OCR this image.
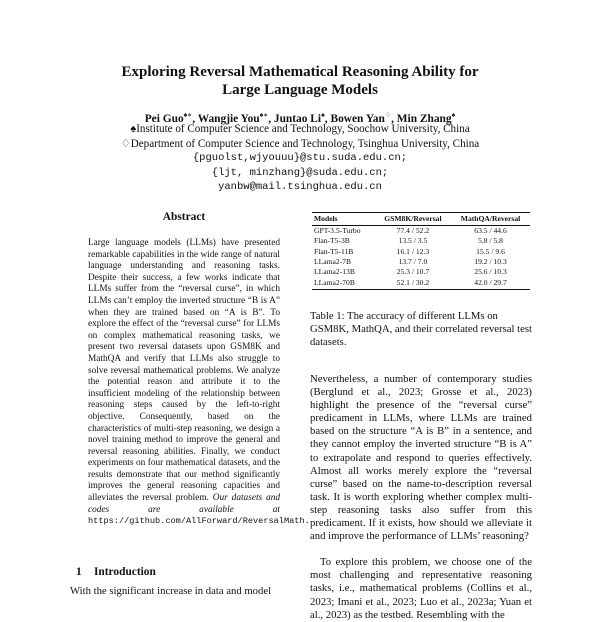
Exploring Reversal Mathematical Reasoning Ability for
Large Language Models
Pei Guo♠∗, Wangjie You♠∗, Juntao Li♠, Bowen Yan♢, Min Zhang♠
♠Institute of Computer Science and Technology, Soochow University, China
♢Department of Computer Science and Technology, Tsinghua University, China
{pguolst,wjyouuu}@stu.suda.edu.cn;
{ljt, minzhang}@suda.edu.cn;
yanbw@mail.tsinghua.edu.cn
Abstract
Large language models (LLMs) have presented remarkable capabilities in the wide range of natural language understanding and reasoning tasks. Despite their success, a few works indicate that LLMs suffer from the “reversal curse”, in which LLMs can’t employ the inverted structure “B is A” when they are trained based on “A is B”. To explore the effect of the “reversal curse” for LLMs on complex mathematical reasoning tasks, we present two reversal datasets upon GSM8K and MathQA and verify that LLMs also struggle to solve reversal mathematical problems. We analyze the potential reason and attribute it to the insufficient modeling of the relationship between reasoning steps caused by the left-to-right objective. Consequently, based on the characteristics of multi-step reasoning, we design a novel training method to improve the general and reversal reasoning abilities. Finally, we conduct experiments on four mathematical datasets, and the results demonstrate that our method significantly improves the general reasoning capacities and alleviates the reversal problem. Our datasets and codes are available at https://github.com/AllForward/ReversalMath.
1 Introduction
With the significant increase in data and model
Models	GSM8K/Reversal	MathQA/Reversal
GPT-3.5-Turbo	77.4 / 52.2	63.5 / 44.6
Flan-T5-3B	13.5 / 3.5	5.8 / 5.8
Flan-T5-11B	16.1 / 12.3	15.5 / 9.6
LLama2-7B	13.7 / 7.0	19.2 / 10.3
LLama2-13B	25.3 / 10.7	25.6 / 10.3
LLama2-70B	52.1 / 30.2	42.0 / 29.7
Table 1: The accuracy of different LLMs on GSM8K, MathQA, and their correlated reversal test datasets.

Nevertheless, a number of contemporary studies (Berglund et al., 2023; Grosse et al., 2023) highlight the presence of the “reversal curse” predicament in LLMs, where LLMs are trained based on the structure “A is B” in a sentence, and they cannot employ the inverted structure “B is A” to extrapolate and respond to queries effectively. Almost all works merely explore the “reversal curse” based on the name-to-description reversal task. It is worth exploring whether complex multi-step reasoning tasks also suffer from this predicament. If it exists, how should we alleviate it and improve the performance of LLMs’ reasoning?

To explore this problem, we choose one of the most challenging and representative reasoning tasks, i.e., mathematical problems (Collins et al., 2023; Imani et al., 2023; Luo et al., 2023a; Yuan et al., 2023) as the testbed. Resembling with the
